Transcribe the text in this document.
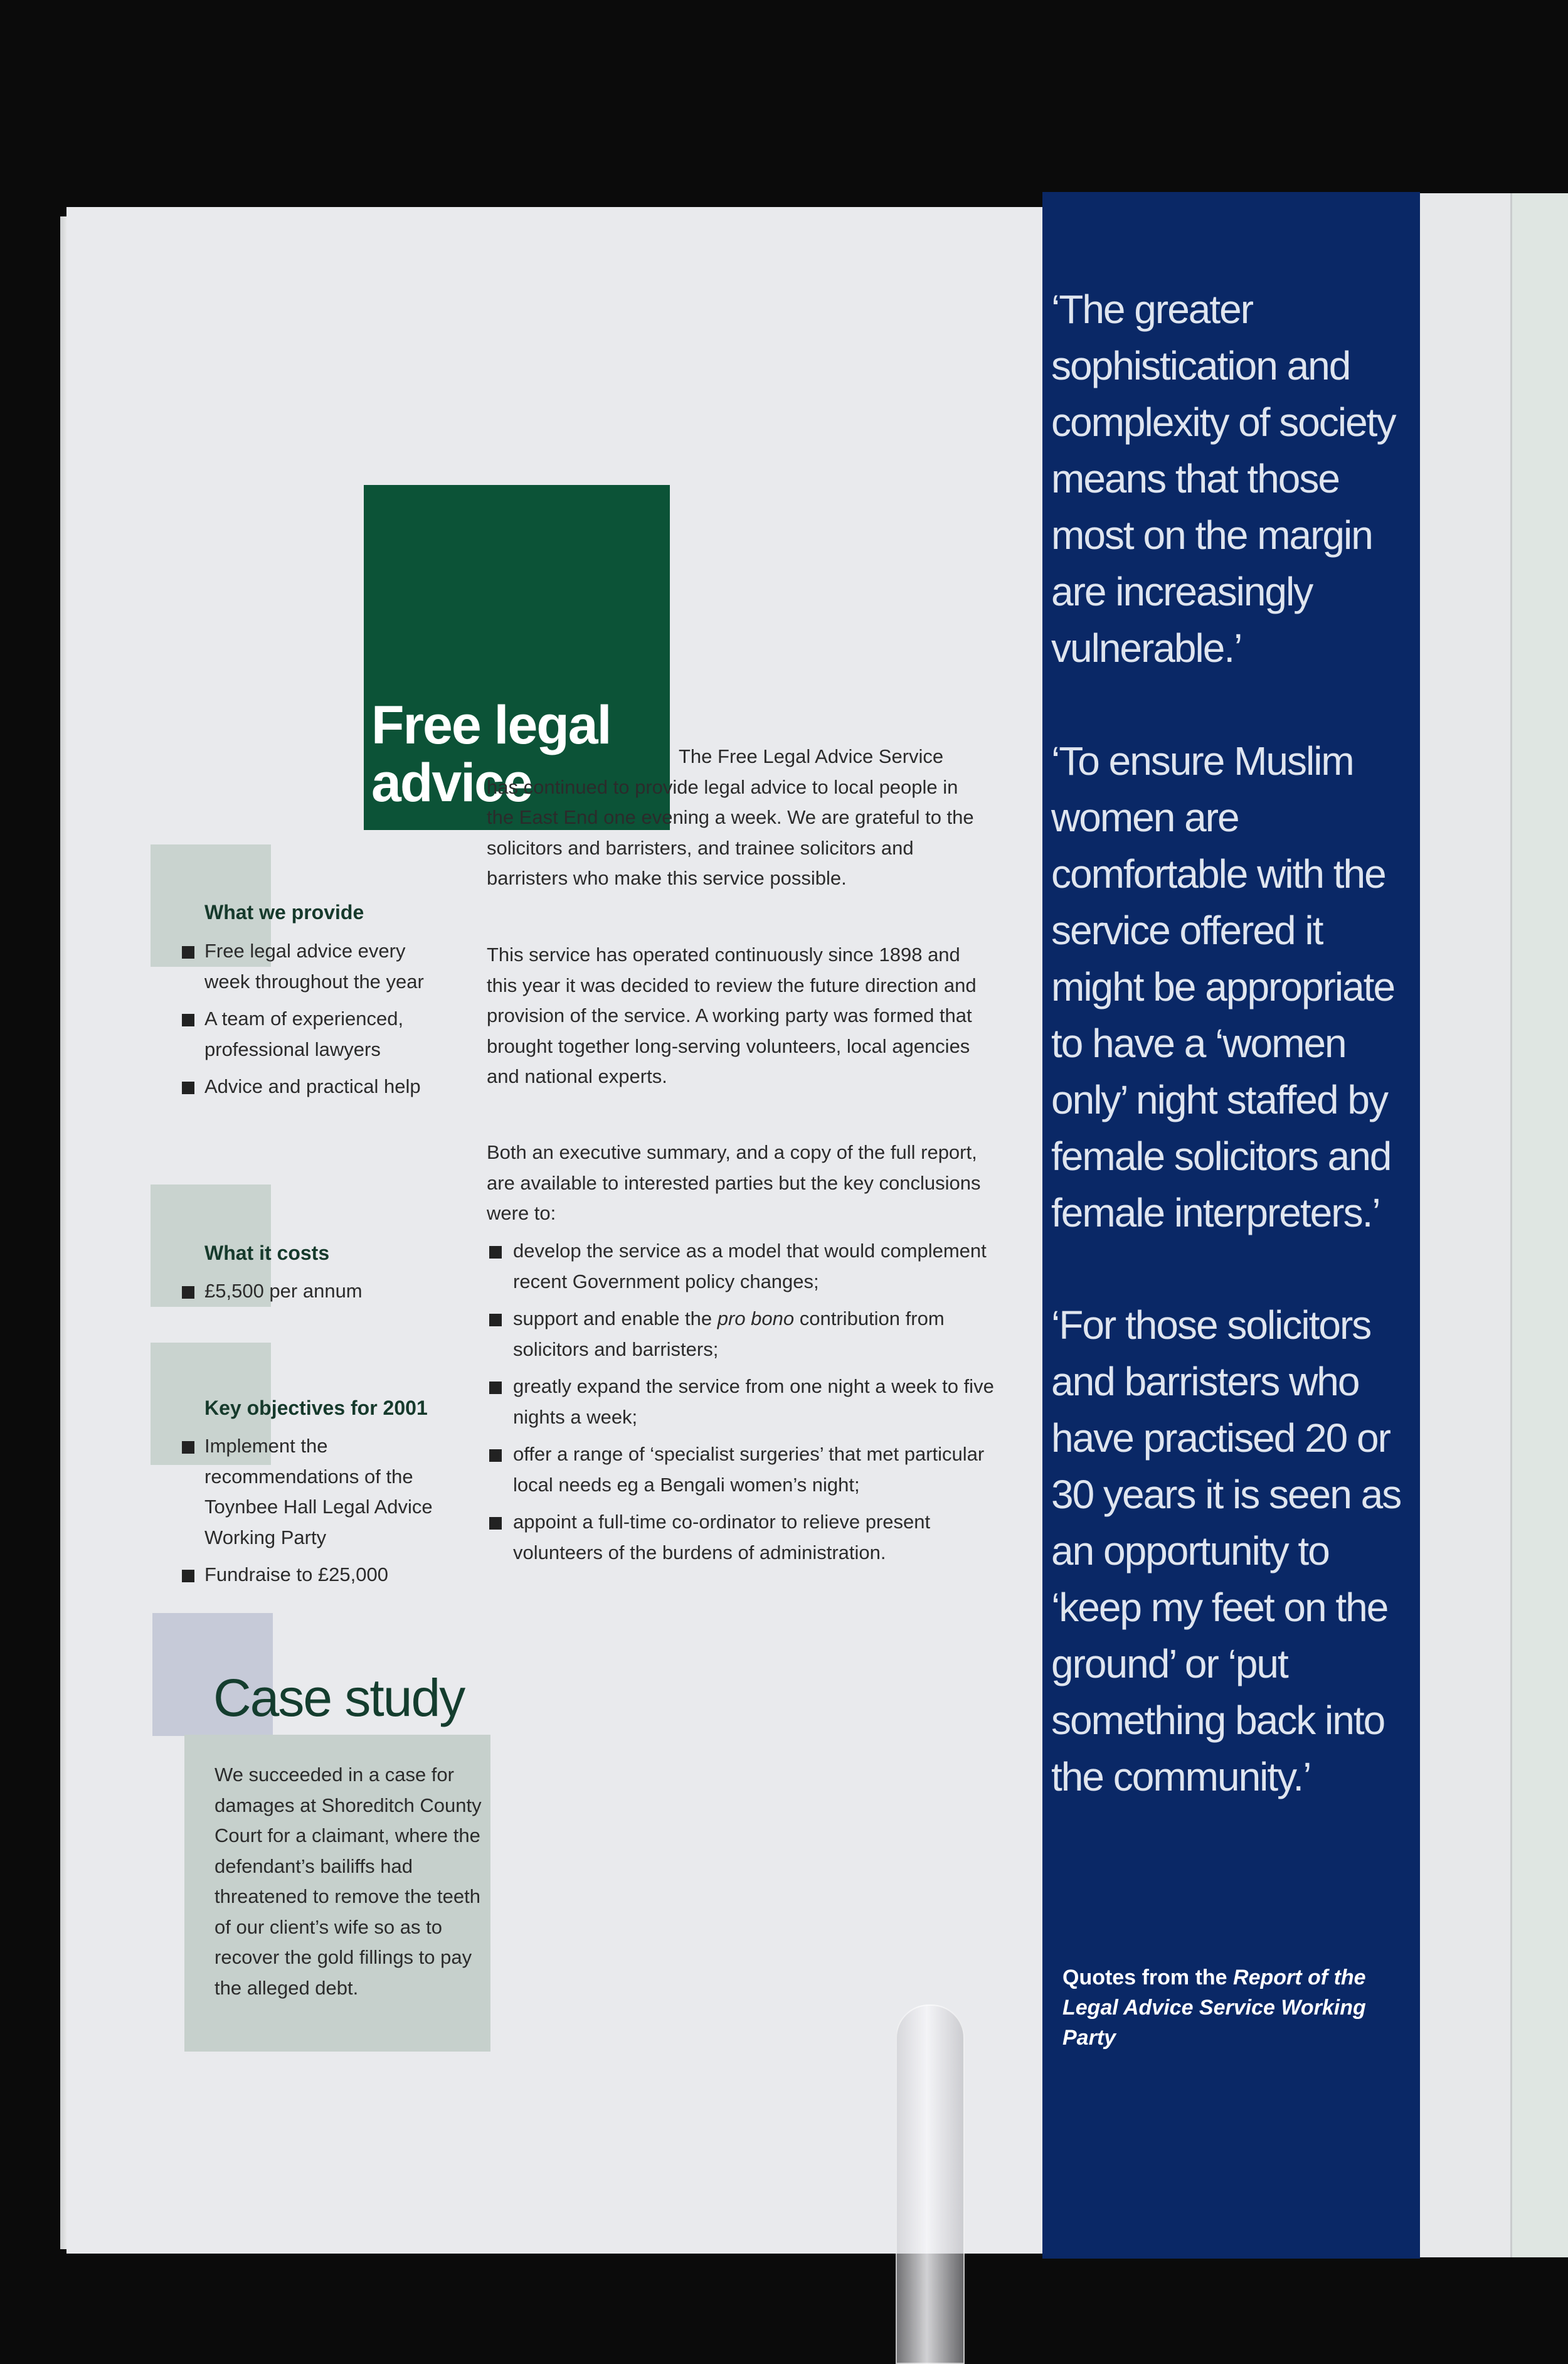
‘The greater sophistication and complexity of society means that those most on the margin are increasingly vulnerable.’

‘To ensure Muslim women are comfortable with the service offered it might be appropriate to have a ‘women only’ night staffed by female solicitors and female interpreters.’

‘For those solicitors and barristers who have practised 20 or 30 years it is seen as an opportunity to ‘keep my feet on the ground’ or ‘put something back into the community.’

Quotes from the Report of the Legal Advice Service Working Party

Free legal
advice	The Free Legal Advice Service has continued to provide legal advice to local people in the East End one evening a week. We are grateful to the solicitors and barristers, and trainee solicitors and barristers who make this service possible.

This service has operated continuously since 1898 and this year it was decided to review the future direction and provision of the service. A working party was formed that brought together long-serving volunteers, local agencies and national experts.

Both an executive summary, and a copy of the full report, are available to interested parties but the key conclusions were to:

develop the service as a model that would complement recent Government policy changes;
support and enable the pro bono contribution from solicitors and barristers;
greatly expand the service from one night a week to five nights a week;
offer a range of ‘specialist surgeries’ that met particular local needs eg a Bengali women’s night;
appoint a full-time co-ordinator to relieve present volunteers of the burdens of administration.
What we provide
Free legal advice every week throughout the year
A team of experienced, professional lawyers
Advice and practical help
What it costs
£5,500 per annum
Key objectives for 2001
Implement the recommendations of the Toynbee Hall Legal Advice Working Party
Fundraise to £25,000
Case study

We succeeded in a case for damages at Shoreditch County Court for a claimant, where the defendant’s bailiffs had threatened to remove the teeth of our client’s wife so as to recover the gold fillings to pay the alleged debt.
